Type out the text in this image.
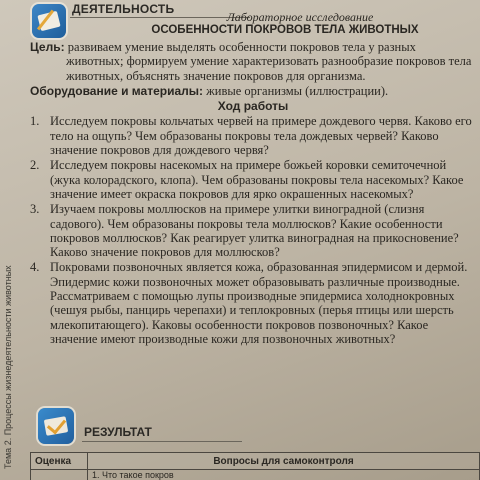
Тема 2. Процессы жизнедеятельности животных
ДЕЯТЕЛЬНОСТЬ
Лабораторное исследование
ОСОБЕННОСТИ ПОКРОВОВ ТЕЛА ЖИВОТНЫХ

Цель: развиваем умение выделять особенности покровов тела у разных животных; формируем умение характеризовать разнообразие покровов тела животных, объяснять значение покровов для организма.

Оборудование и материалы: живые организмы (иллюстрации).

Ход работы
1. Исследуем покровы кольчатых червей на примере дождевого червя. Каково его тело на ощупь? Чем образованы покровы тела дождевых червей? Каково значение покровов для дождевого червя?
2. Исследуем покровы насекомых на примере божьей коровки семиточечной (жука колорадского, клопа). Чем образованы покровы тела насекомых? Какое значение имеет окраска покровов для ярко окрашенных насекомых?
3. Изучаем покровы моллюсков на примере улитки виноградной (слизня садового). Чем образованы покровы тела моллюсков? Какие особенности покровов моллюсков? Как реагирует улитка виноградная на прикосновение? Каково значение покровов для моллюсков?
4. Покровами позвоночных является кожа, образованная эпидермисом и дермой. Эпидермис кожи позвоночных может образовывать различные производные. Рассматриваем с помощью лупы производные эпидермиса холоднокровных (чешуя рыбы, панцирь черепахи) и теплокровных (перья птицы или шерсть млекопитающего). Каковы особенности покровов позвоночных? Какое значение имеют производные кожи для позвоночных животных?
РЕЗУЛЬТАТ
Оценка	Вопросы для самоконтроля
	1. Что такое покров
